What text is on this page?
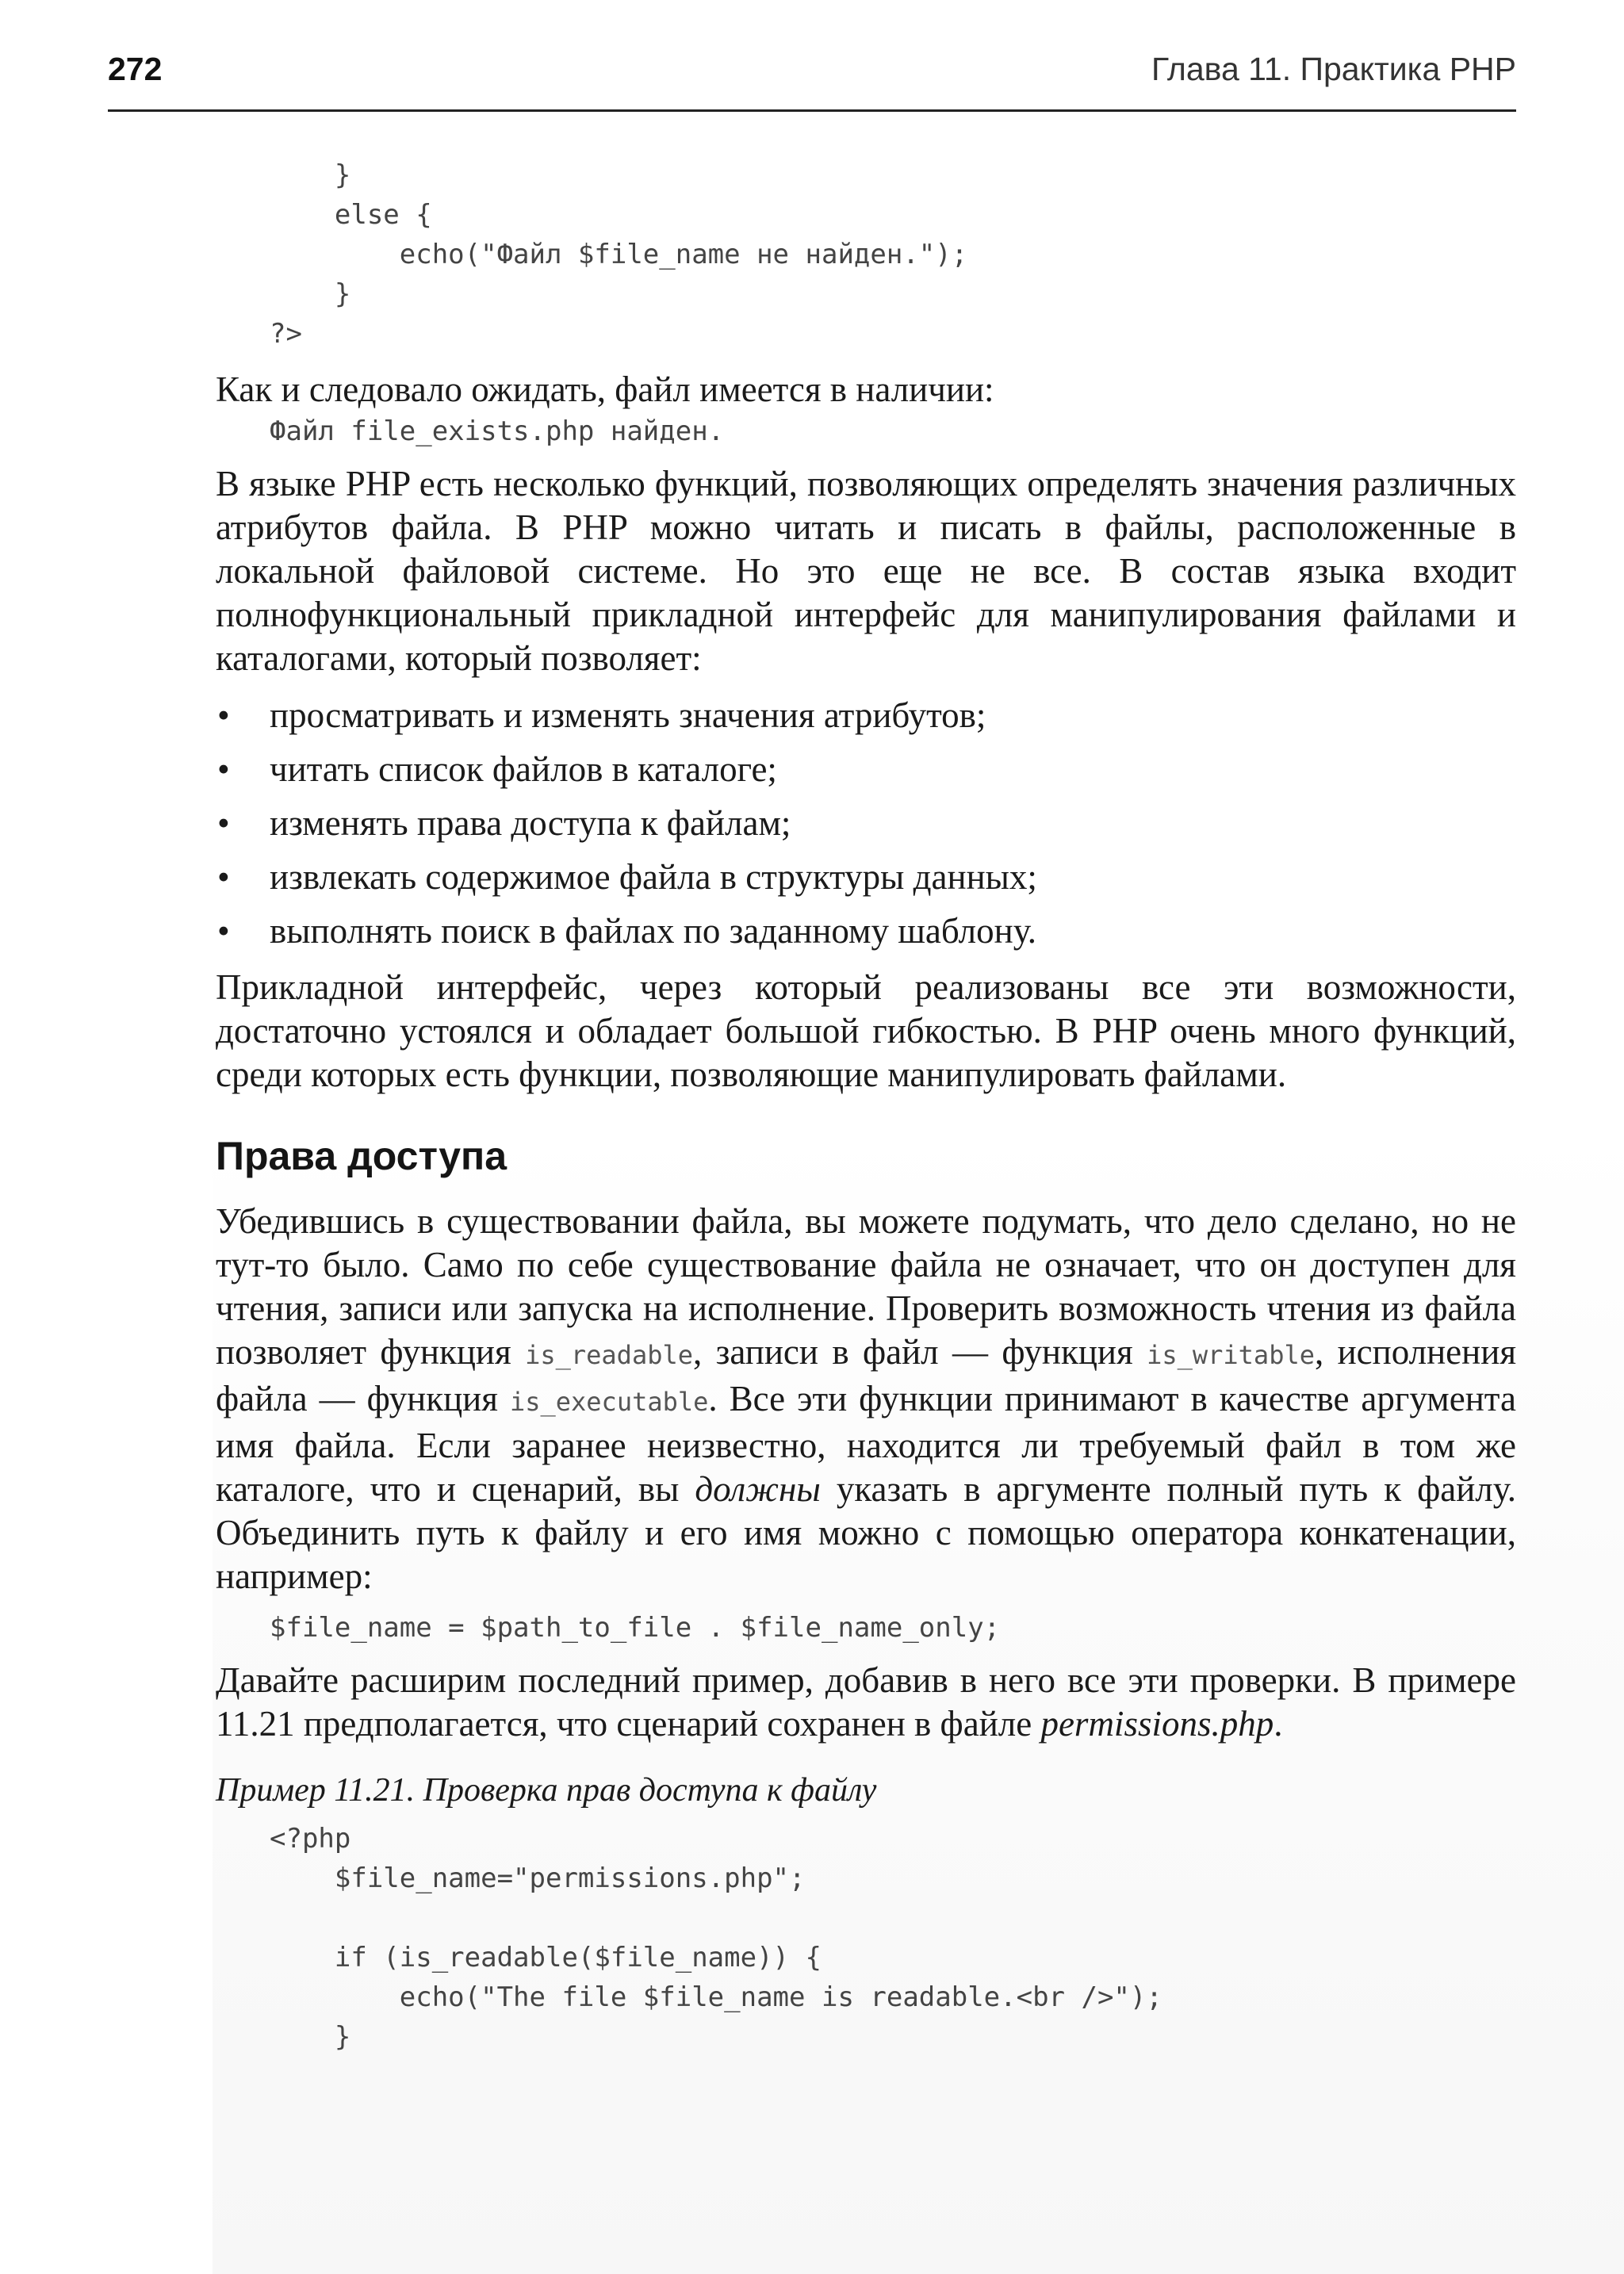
272	Глава 11. Практика PHP
}
else {
echo("Файл $file_name не найден.");
}
?>

Как и следовало ожидать, файл имеется в наличии:

Файл file_exists.php найден.

В языке PHP есть несколько функций, позволяющих определять значения различных атрибутов файла. В PHP можно читать и писать в файлы, расположенные в локальной файловой системе. Но это еще не все. В состав языка входит полнофункциональный прикладной интерфейс для манипулирования файлами и каталогами, который позволяет:

• просматривать и изменять значения атрибутов;
• читать список файлов в каталоге;
• изменять права доступа к файлам;
• извлекать содержимое файла в структуры данных;
• выполнять поиск в файлах по заданному шаблону.

Прикладной интерфейс, через который реализованы все эти возможности, достаточно устоялся и обладает большой гибкостью. В PHP очень много функций, среди которых есть функции, позволяющие манипулировать файлами.

Права доступа

Убедившись в существовании файла, вы можете подумать, что дело сделано, но не тут-то было. Само по себе существование файла не означает, что он доступен для чтения, записи или запуска на исполнение. Проверить возможность чтения из файла позволяет функция is_readable, записи в файл — функция is_writable, исполнения файла — функция is_executable. Все эти функции принимают в качестве аргумента имя файла. Если заранее неизвестно, находится ли требуемый файл в том же каталоге, что и сценарий, вы должны указать в аргументе полный путь к файлу. Объединить путь к файлу и его имя можно с помощью оператора конкатенации, например:

$file_name = $path_to_file . $file_name_only;

Давайте расширим последний пример, добавив в него все эти проверки. В примере 11.21 предполагается, что сценарий сохранен в файле permissions.php.

Пример 11.21. Проверка прав доступа к файлу
<?php
$file_name="permissions.php";

if (is_readable($file_name)) {
echo("The file $file_name is readable.<br />");
}
